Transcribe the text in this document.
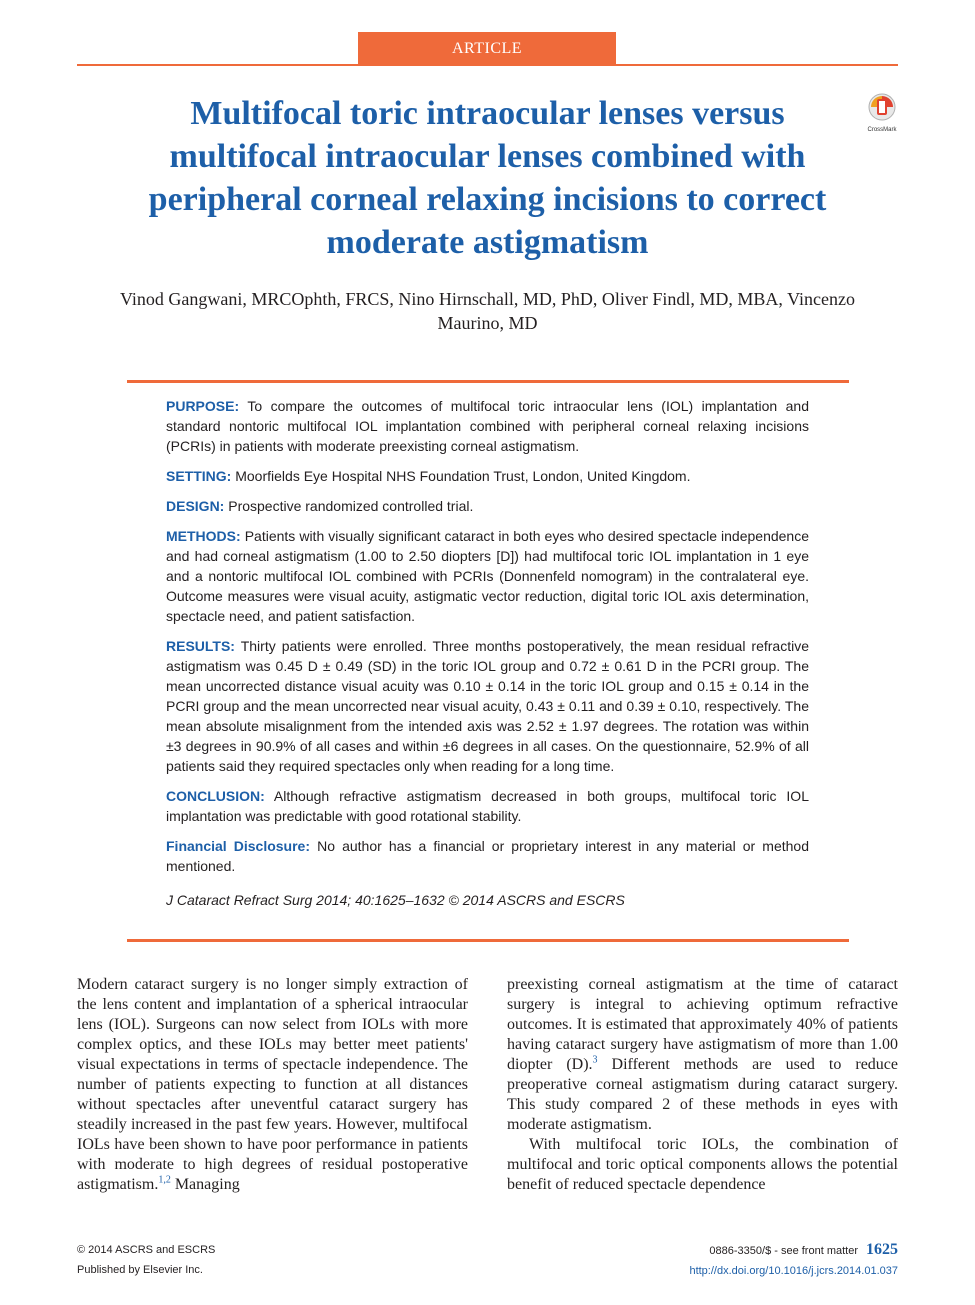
ARTICLE
Multifocal toric intraocular lenses versus multifocal intraocular lenses combined with peripheral corneal relaxing incisions to correct moderate astigmatism
CrossMark
Vinod Gangwani, MRCOphth, FRCS, Nino Hirnschall, MD, PhD, Oliver Findl, MD, MBA, Vincenzo Maurino, MD

PURPOSE: To compare the outcomes of multifocal toric intraocular lens (IOL) implantation and standard nontoric multifocal IOL implantation combined with peripheral corneal relaxing incisions (PCRIs) in patients with moderate preexisting corneal astigmatism.

SETTING: Moorfields Eye Hospital NHS Foundation Trust, London, United Kingdom.

DESIGN: Prospective randomized controlled trial.

METHODS: Patients with visually significant cataract in both eyes who desired spectacle independence and had corneal astigmatism (1.00 to 2.50 diopters [D]) had multifocal toric IOL implantation in 1 eye and a nontoric multifocal IOL combined with PCRIs (Donnenfeld nomogram) in the contralateral eye. Outcome measures were visual acuity, astigmatic vector reduction, digital toric IOL axis determination, spectacle need, and patient satisfaction.

RESULTS: Thirty patients were enrolled. Three months postoperatively, the mean residual refractive astigmatism was 0.45 D ± 0.49 (SD) in the toric IOL group and 0.72 ± 0.61 D in the PCRI group. The mean uncorrected distance visual acuity was 0.10 ± 0.14 in the toric IOL group and 0.15 ± 0.14 in the PCRI group and the mean uncorrected near visual acuity, 0.43 ± 0.11 and 0.39 ± 0.10, respectively. The mean absolute misalignment from the intended axis was 2.52 ± 1.97 degrees. The rotation was within ±3 degrees in 90.9% of all cases and within ±6 degrees in all cases. On the questionnaire, 52.9% of all patients said they required spectacles only when reading for a long time.

CONCLUSION: Although refractive astigmatism decreased in both groups, multifocal toric IOL implantation was predictable with good rotational stability.

Financial Disclosure: No author has a financial or proprietary interest in any material or method mentioned.

J Cataract Refract Surg 2014; 40:1625–1632 © 2014 ASCRS and ESCRS

Modern cataract surgery is no longer simply extraction of the lens content and implantation of a spherical intraocular lens (IOL). Surgeons can now select from IOLs with more complex optics, and these IOLs may better meet patients' visual expectations in terms of spectacle independence. The number of patients expecting to function at all distances without spectacles after uneventful cataract surgery has steadily increased in the past few years. However, multifocal IOLs have been shown to have poor performance in patients with moderate to high degrees of residual postoperative astigmatism.$^{1,2}$ Managing

preexisting corneal astigmatism at the time of cataract surgery is integral to achieving optimum refractive outcomes. It is estimated that approximately 40% of patients having cataract surgery have astigmatism of more than 1.00 diopter (D).$^3$ Different methods are used to reduce preoperative corneal astigmatism during cataract surgery. This study compared 2 of these methods in eyes with moderate astigmatism.

With multifocal toric IOLs, the combination of multifocal and toric optical components allows the potential benefit of reduced spectacle dependence

© 2014 ASCRS and ESCRS
Published by Elsevier Inc.
0886-3350/$ - see front matter 1625
http://dx.doi.org/10.1016/j.jcrs.2014.01.037
